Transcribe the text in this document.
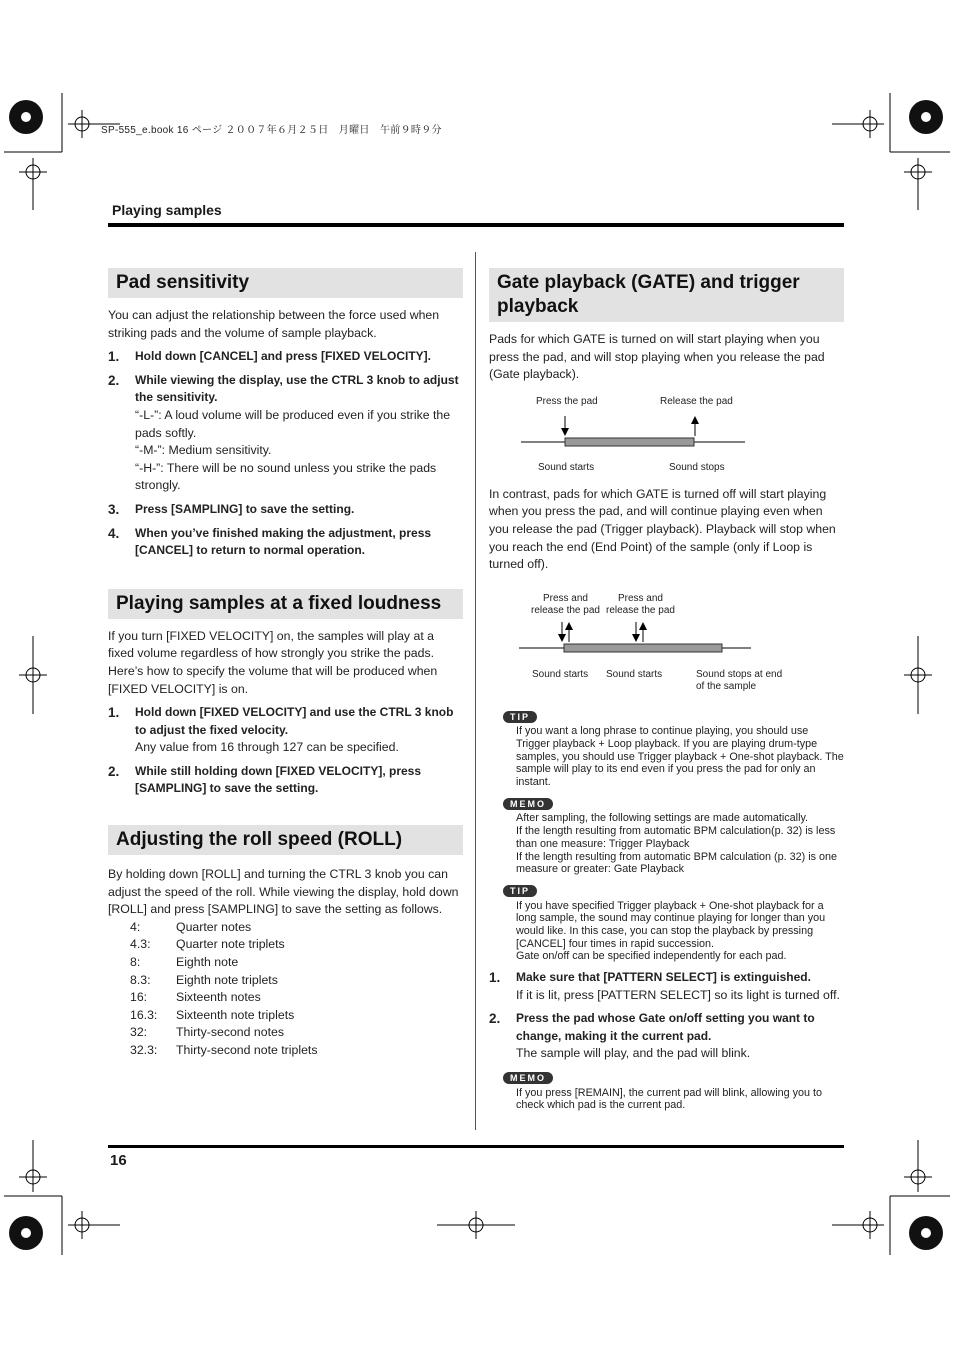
SP-555_e.book 16 ページ ２００７年６月２５日　月曜日　午前９時９分
Playing samples
16
Pad sensitivity

You can adjust the relationship between the force used when striking pads and the volume of sample playback.

1. Hold down [CANCEL] and press [FIXED VELOCITY].
2. While viewing the display, use the CTRL 3 knob to adjust the sensitivity.
“-L-”: A loud volume will be produced even if you strike the pads softly.
“-M-”: Medium sensitivity.
“-H-”: There will be no sound unless you strike the pads strongly.
3. Press [SAMPLING] to save the setting.
4. When you’ve finished making the adjustment, press [CANCEL] to return to normal operation.
Playing samples at a fixed loudness

If you turn [FIXED VELOCITY] on, the samples will play at a fixed volume regardless of how strongly you strike the pads. Here’s how to specify the volume that will be produced when [FIXED VELOCITY] is on.

1. Hold down [FIXED VELOCITY] and use the CTRL 3 knob to adjust the fixed velocity.
Any value from 16 through 127 can be specified.
2. While still holding down [FIXED VELOCITY], press [SAMPLING] to save the setting.
Adjusting the roll speed (ROLL)

By holding down [ROLL] and turning the CTRL 3 knob you can adjust the speed of the roll. While viewing the display, hold down [ROLL] and press [SAMPLING] to save the setting as follows.

4:	Quarter notes
4.3:	Quarter note triplets
8:	Eighth note
8.3:	Eighth note triplets
16:	Sixteenth notes
16.3:	Sixteenth note triplets
32:	Thirty-second notes
32.3:	Thirty-second note triplets
Gate playback (GATE) and trigger playback

Pads for which GATE is turned on will start playing when you press the pad, and will stop playing when you release the pad (Gate playback).

Press the pad	Release the pad
Sound starts	Sound stops

In contrast, pads for which GATE is turned off will start playing when you press the pad, and will continue playing even when you release the pad (Trigger playback). Playback will stop when you reach the end (End Point) of the sample (only if Loop is turned off).

Press and
release the pad
Press and
release the pad
Sound starts Sound starts	Sound stops at end
of the sample
TIP
If you want a long phrase to continue playing, you should use Trigger playback + Loop playback. If you are playing drum-type samples, you should use Trigger playback + One-shot playback. The sample will play to its end even if you press the pad for only an instant.
MEMO
After sampling, the following settings are made automatically.
If the length resulting from automatic BPM calculation(p. 32) is less than one measure: Trigger Playback
If the length resulting from automatic BPM calculation (p. 32) is one measure or greater: Gate Playback
TIP
If you have specified Trigger playback + One-shot playback for a long sample, the sound may continue playing for longer than you would like. In this case, you can stop the playback by pressing [CANCEL] four times in rapid succession.
Gate on/off can be specified independently for each pad.
1. Make sure that [PATTERN SELECT] is extinguished.
If it is lit, press [PATTERN SELECT] so its light is turned off.
2. Press the pad whose Gate on/off setting you want to change, making it the current pad.
The sample will play, and the pad will blink.
MEMO
If you press [REMAIN], the current pad will blink, allowing you to check which pad is the current pad.
